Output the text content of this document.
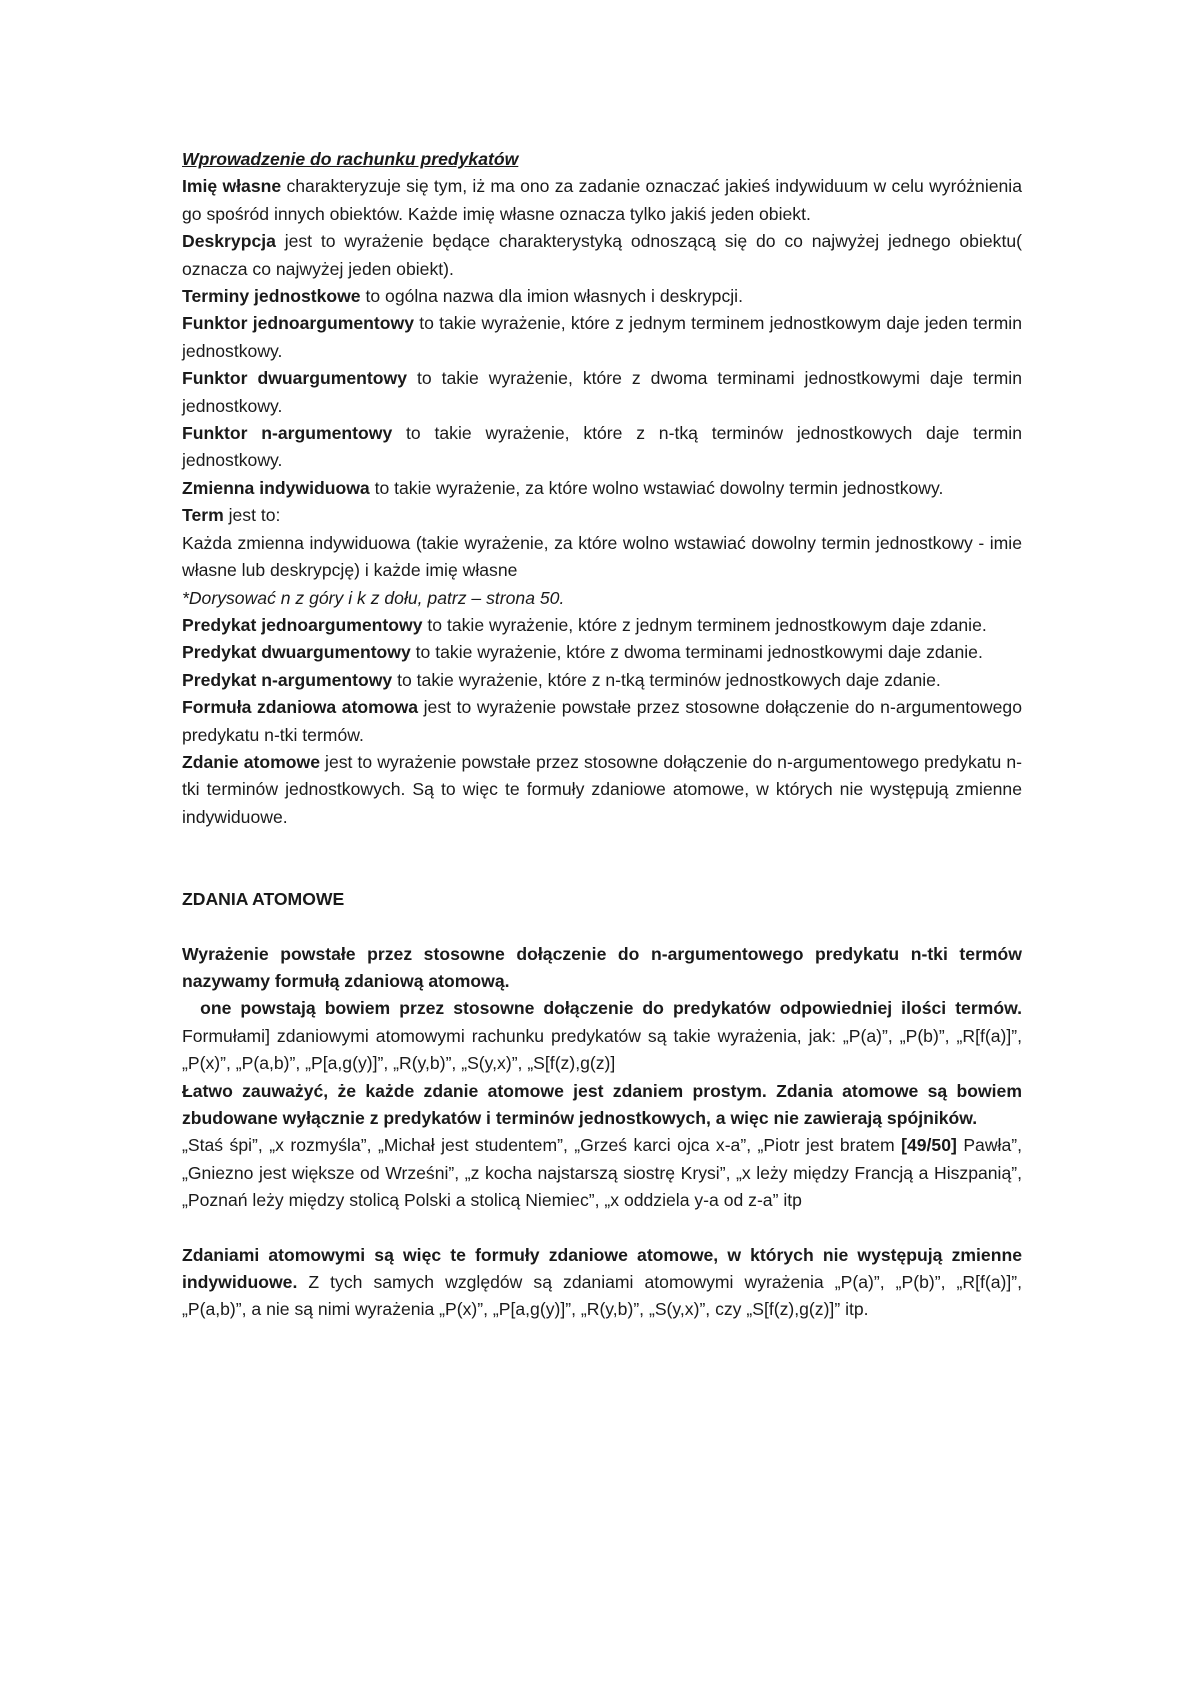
Wprowadzenie do rachunku predykatów

Imię własne charakteryzuje się tym, iż ma ono za zadanie oznaczać jakieś indywiduum w celu wyróżnienia go spośród innych obiektów. Każde imię własne oznacza tylko jakiś jeden obiekt.

Deskrypcja jest to wyrażenie będące charakterystyką odnoszącą się do co najwyżej jednego obiektu( oznacza co najwyżej jeden obiekt).

Terminy jednostkowe to ogólna nazwa dla imion własnych i deskrypcji.

Funktor jednoargumentowy to takie wyrażenie, które z jednym terminem jednostkowym daje jeden termin jednostkowy.

Funktor dwuargumentowy to takie wyrażenie, które z dwoma terminami jednostkowymi daje termin jednostkowy.

Funktor n-argumentowy to takie wyrażenie, które z n-tką terminów jednostkowych daje termin jednostkowy.

Zmienna indywiduowa to takie wyrażenie, za które wolno wstawiać dowolny termin jednostkowy.

Term jest to:

Każda zmienna indywiduowa (takie wyrażenie, za które wolno wstawiać dowolny termin jednostkowy - imie własne lub deskrypcję) i każde imię własne

*Dorysować n z góry i k z dołu, patrz – strona 50.

Predykat jednoargumentowy to takie wyrażenie, które z jednym terminem jednostkowym daje zdanie.

Predykat dwuargumentowy to takie wyrażenie, które z dwoma terminami jednostkowymi daje zdanie.

Predykat n-argumentowy to takie wyrażenie, które z n-tką terminów jednostkowych daje zdanie.

Formuła zdaniowa atomowa jest to wyrażenie powstałe przez stosowne dołączenie do n-argumentowego predykatu n-tki termów.

Zdanie atomowe jest to wyrażenie powstałe przez stosowne dołączenie do n-argumentowego predykatu n-tki terminów jednostkowych. Są to więc te formuły zdaniowe atomowe, w których nie występują zmienne indywiduowe.

ZDANIA ATOMOWE

Wyrażenie powstałe przez stosowne dołączenie do n-argumentowego predykatu n-tki termów nazywamy formułą zdaniową atomową.

one powstają bowiem przez stosowne dołączenie do predykatów odpowiedniej ilości termów. Formułami] zdaniowymi atomowymi rachunku predykatów są takie wyrażenia, jak: „P(a)”, „P(b)”, „R[f(a)]”, „P(x)”, „P(a,b)”, „P[a,g(y)]”, „R(y,b)”, „S(y,x)”, „S[f(z),g(z)]

Łatwo zauważyć, że każde zdanie atomowe jest zdaniem prostym. Zdania atomowe są bowiem zbudowane wyłącznie z predykatów i terminów jednostkowych, a więc nie zawierają spójników.

„Staś śpi”, „x rozmyśla”, „Michał jest studentem”, „Grześ karci ojca x-a”, „Piotr jest bratem [49/50] Pawła”, „Gniezno jest większe od Wrześni”, „z kocha najstarszą siostrę Krysi”, „x leży między Francją a Hiszpanią”, „Poznań leży między stolicą Polski a stolicą Niemiec”, „x oddziela y-a od z-a” itp

Zdaniami atomowymi są więc te formuły zdaniowe atomowe, w których nie występują zmienne indywiduowe. Z tych samych względów są zdaniami atomowymi wyrażenia „P(a)”, „P(b)”, „R[f(a)]”, „P(a,b)”, a nie są nimi wyrażenia „P(x)”, „P[a,g(y)]”, „R(y,b)”, „S(y,x)”, czy „S[f(z),g(z)]” itp.
